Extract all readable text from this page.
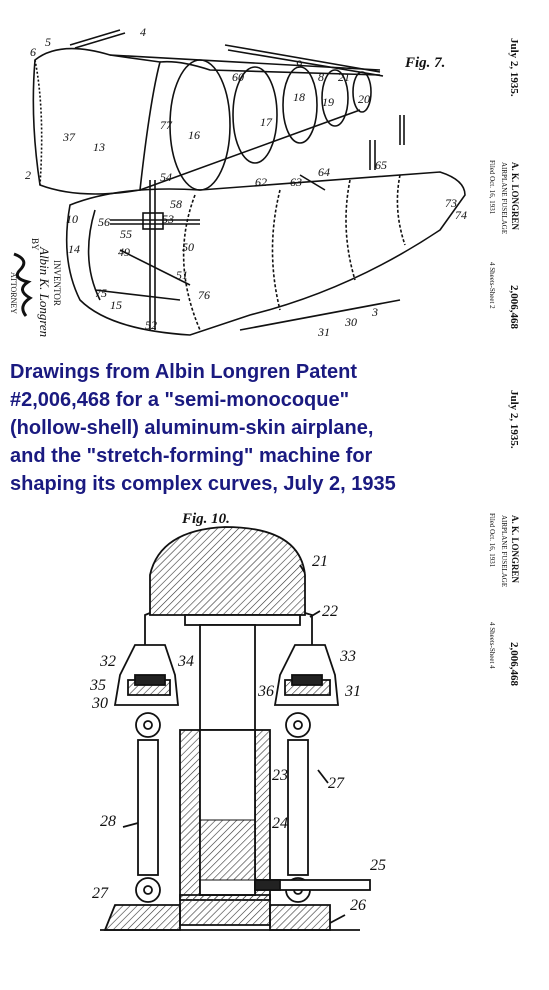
Fig. 7.
4
6
5
2
37
13
77
16
60
17
18 19 20
9
8 21
62 63
64	65
54
58
56
55
53
50
49
14
10
75	76
15
51
52
73
74
3
30
31
INVENTOR
Albin K. Longren
BY
ATTORNEY
July 2, 1935.
A. K. LONGREN
AIRPLANE FUSELAGE
Filed Oct. 16, 1931
2,006,468
4 Sheets-Sheet 2
Drawings from Albin Longren Patent
#2,006,468 for a "semi-monocoque"
(hollow-shell) aluminum-skin airplane,
and the "stretch-forming" machine for
shaping its complex curves, July 2, 1935
July 2, 1935.
Fig. 10.
21
22
32	34	33
35
30
36	31
23	27
28	24
25
27
26
A. K. LONGREN
AIRPLANE FUSELAGE
Filed Oct. 16, 1931
2,006,468
4 Sheets-Sheet 4
